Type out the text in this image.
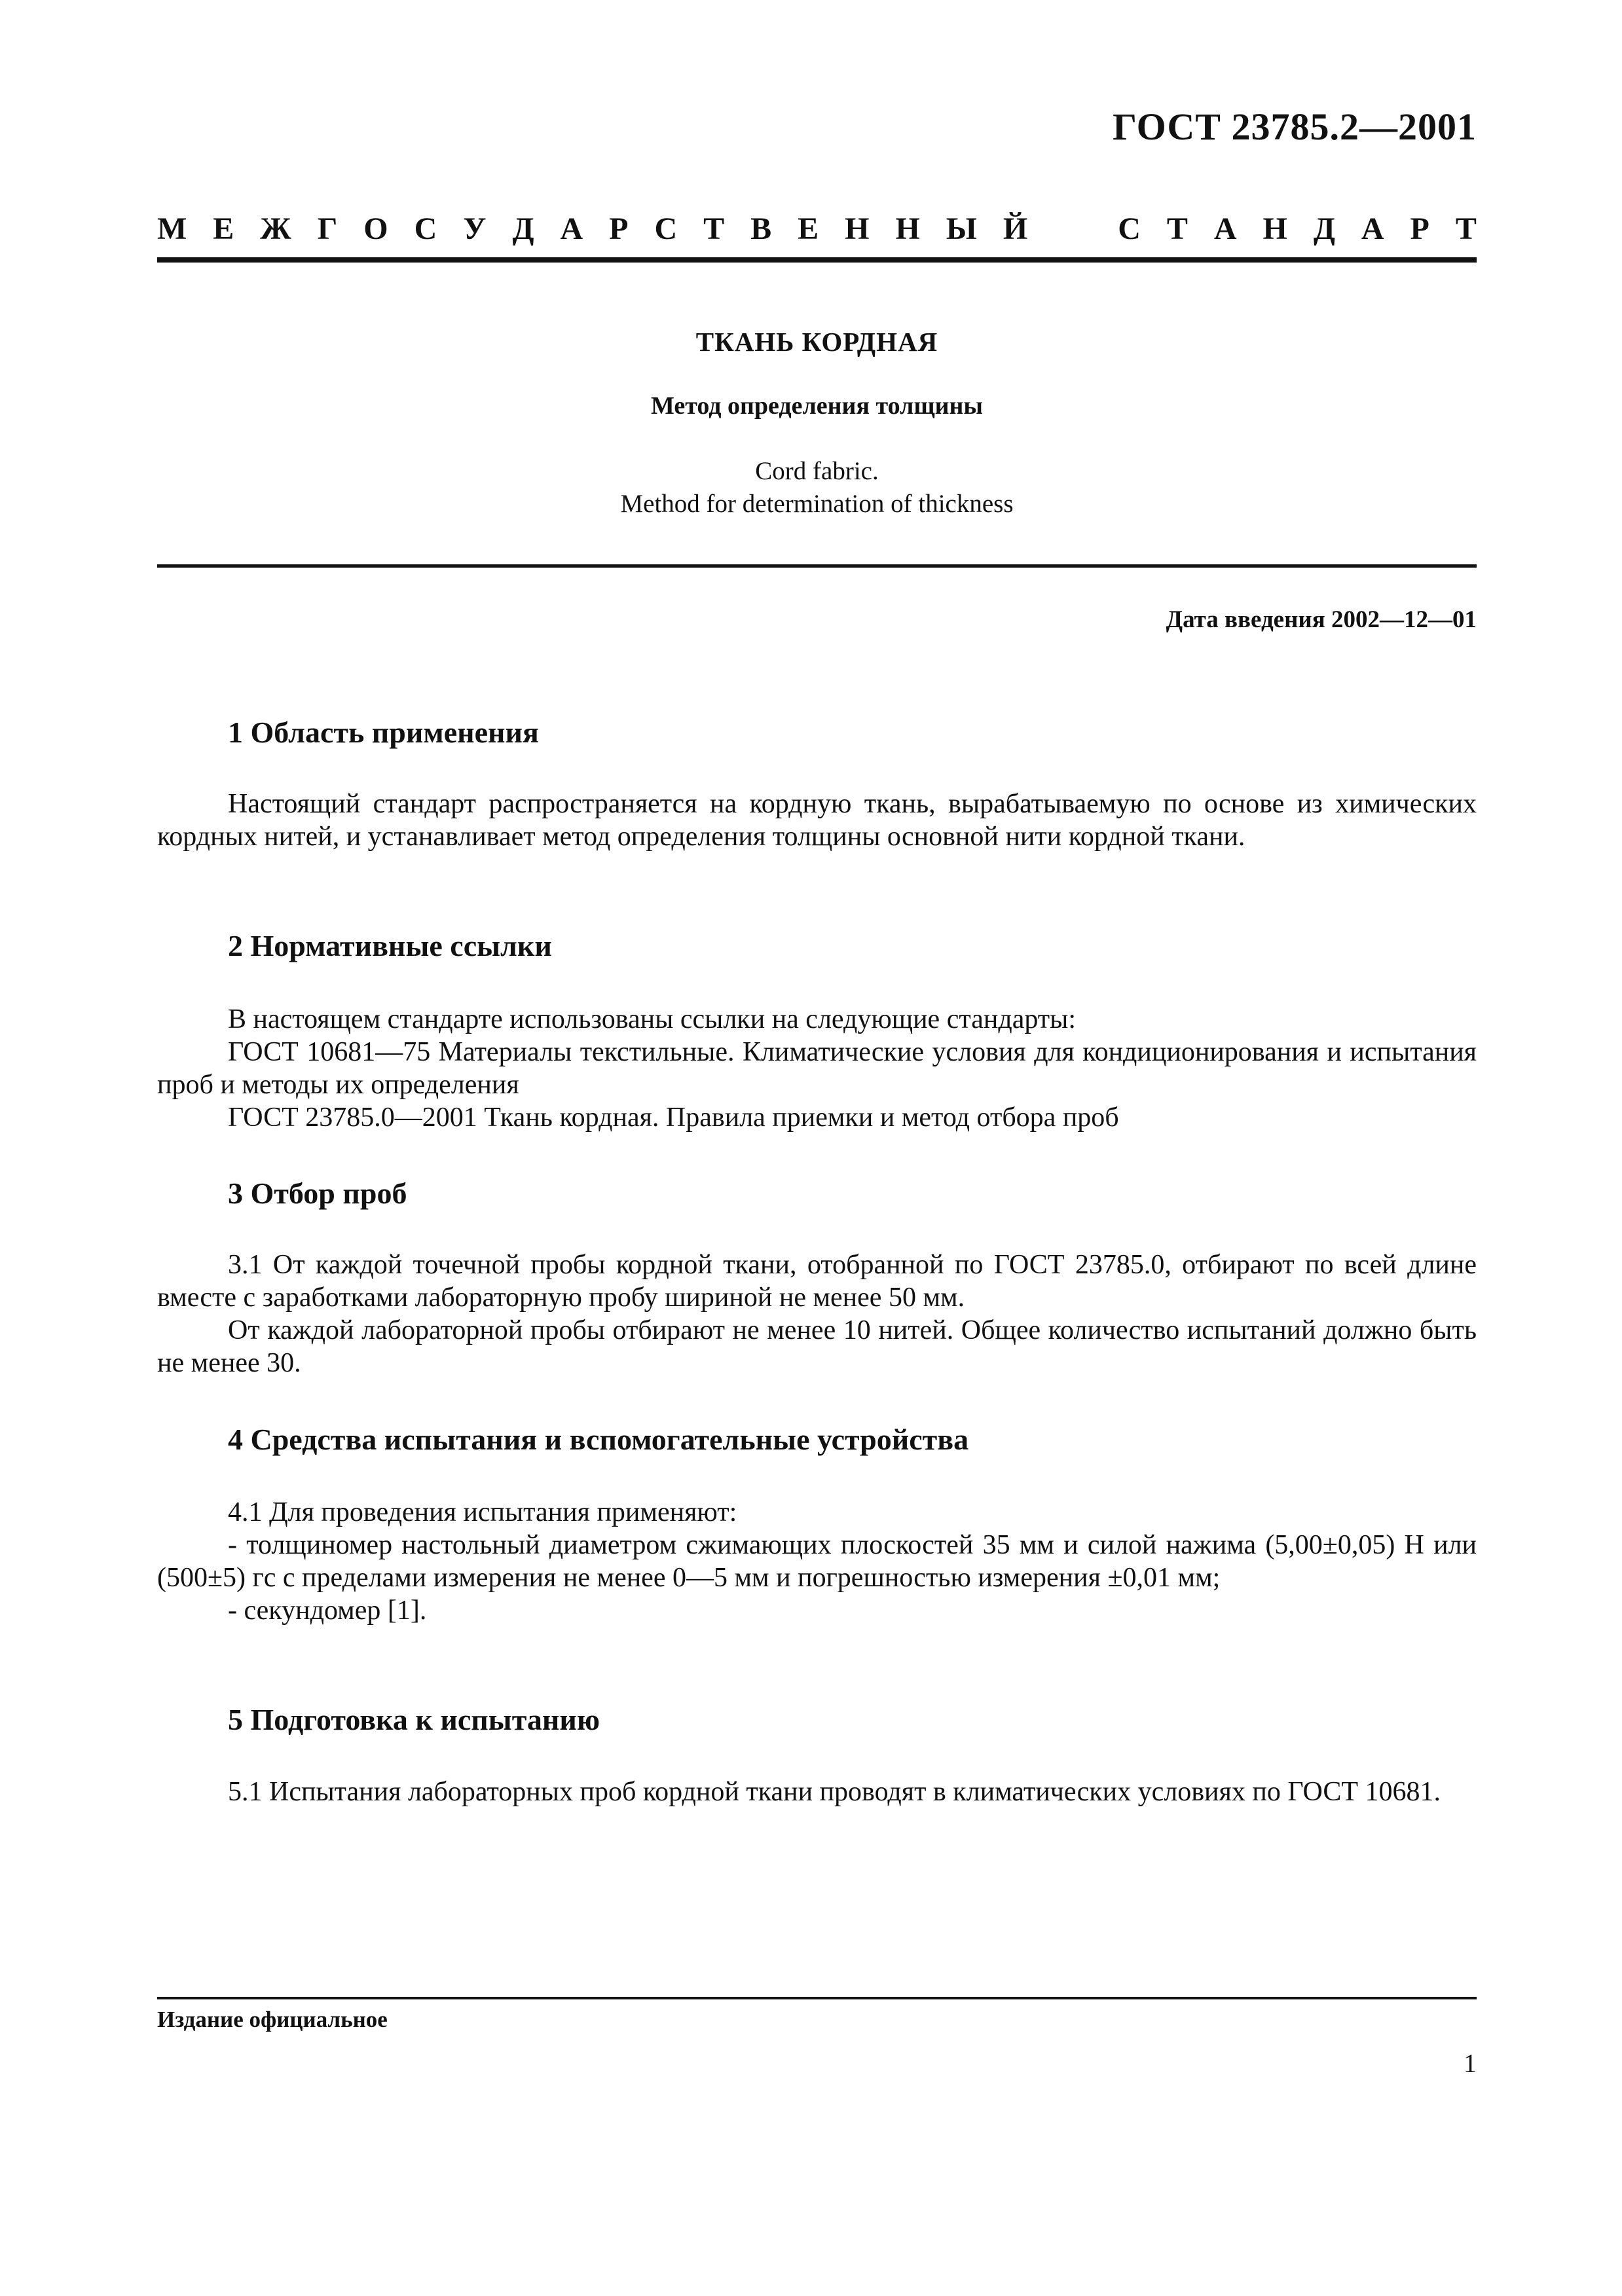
ГОСТ 23785.2—2001
М Е Ж Г О С У Д А Р С Т В Е Н Н Ы Й	С Т А Н Д А Р Т
ТКАНЬ КОРДНАЯ
Метод определения толщины
Cord fabric.
Method for determination of thickness
Дата введения 2002—12—01
1 Область применения

Настоящий стандарт распространяется на кордную ткань, вырабатываемую по основе из химических кордных нитей, и устанавливает метод определения толщины основной нити кордной ткани.

2 Нормативные ссылки

В настоящем стандарте использованы ссылки на следующие стандарты:

ГОСТ 10681—75 Материалы текстильные. Климатические условия для кондиционирования и испытания проб и методы их определения

ГОСТ 23785.0—2001 Ткань кордная. Правила приемки и метод отбора проб

3 Отбор проб

3.1 От каждой точечной пробы кордной ткани, отобранной по ГОСТ 23785.0, отбирают по всей длине вместе с заработками лабораторную пробу шириной не менее 50 мм.

От каждой лабораторной пробы отбирают не менее 10 нитей. Общее количество испытаний должно быть не менее 30.

4 Средства испытания и вспомогательные устройства

4.1 Для проведения испытания применяют:

- толщиномер настольный диаметром сжимающих плоскостей 35 мм и силой нажима (5,00±0,05) Н или (500±5) гс с пределами измерения не менее 0—5 мм и погрешностью измерения ±0,01 мм;

- секундомер [1].

5 Подготовка к испытанию

5.1 Испытания лабораторных проб кордной ткани проводят в климатических условиях по ГОСТ 10681.

Издание официальное
1
